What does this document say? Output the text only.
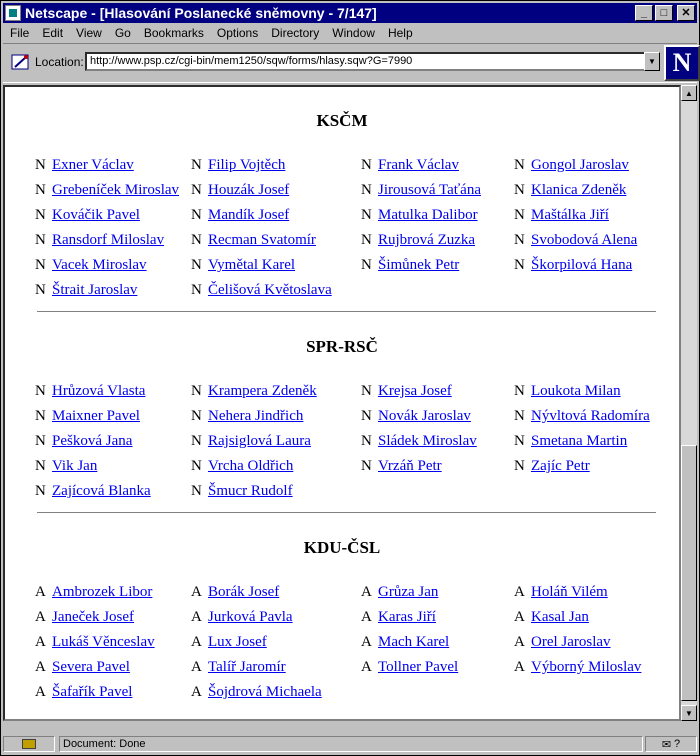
Netscape - [Hlasování Poslanecké sněmovny - 7/147]	_	□	✕
File	Edit	View	Go	Bookmarks	Options	Directory	Window	Help
Location: http://www.psp.cz/cgi-bin/mem1250/sqw/forms/hlasy.sqw?G=7990	▼ N
KSČM
N Exner Václav	N Filip Vojtěch	N Frank Václav	N Gongol Jaroslav
N Grebeníček Miroslav N Houzák Josef	N Jirousová Taťána N Klanica Zdeněk
N Kováčik Pavel	N Mandík Josef	N Matulka Dalibor N Maštálka Jiří
N Ransdorf Miloslav N Recman Svatomír	N Rujbrová Zuzka	N Svobodová Alena
N Vacek Miroslav	N Vymětal Karel	N Šimůnek Petr	N Škorpilová Hana
N Štrait Jaroslav	N Čelišová Květoslava
SPR-RSČ
N Hrůzová Vlasta	N Krampera Zdeněk	N Krejsa Josef	N Loukota Milan
N Maixner Pavel	N Nehera Jindřich	N Novák Jaroslav	N Nývltová Radomíra
N Pešková Jana	N Rajsiglová Laura	N Sládek Miroslav N Smetana Martin
N Vik Jan	N Vrcha Oldřich	N Vrzáň Petr	N Zajíc Petr
N Zajícová Blanka	N Šmucr Rudolf
KDU-ČSL
A Ambrozek Libor	A Borák Josef	A Grůza Jan	A Holáň Vilém
A Janeček Josef	A Jurková Pavla	A Karas Jiří	A Kasal Jan
A Lukáš Věnceslav A Lux Josef	A Mach Karel	A Orel Jaroslav
A Severa Pavel	A Talíř Jaromír	A Tollner Pavel	A Výborný Miloslav
A Šafařík Pavel	A Šojdrová Michaela
▲
▼
Document: Done	✉ ?
